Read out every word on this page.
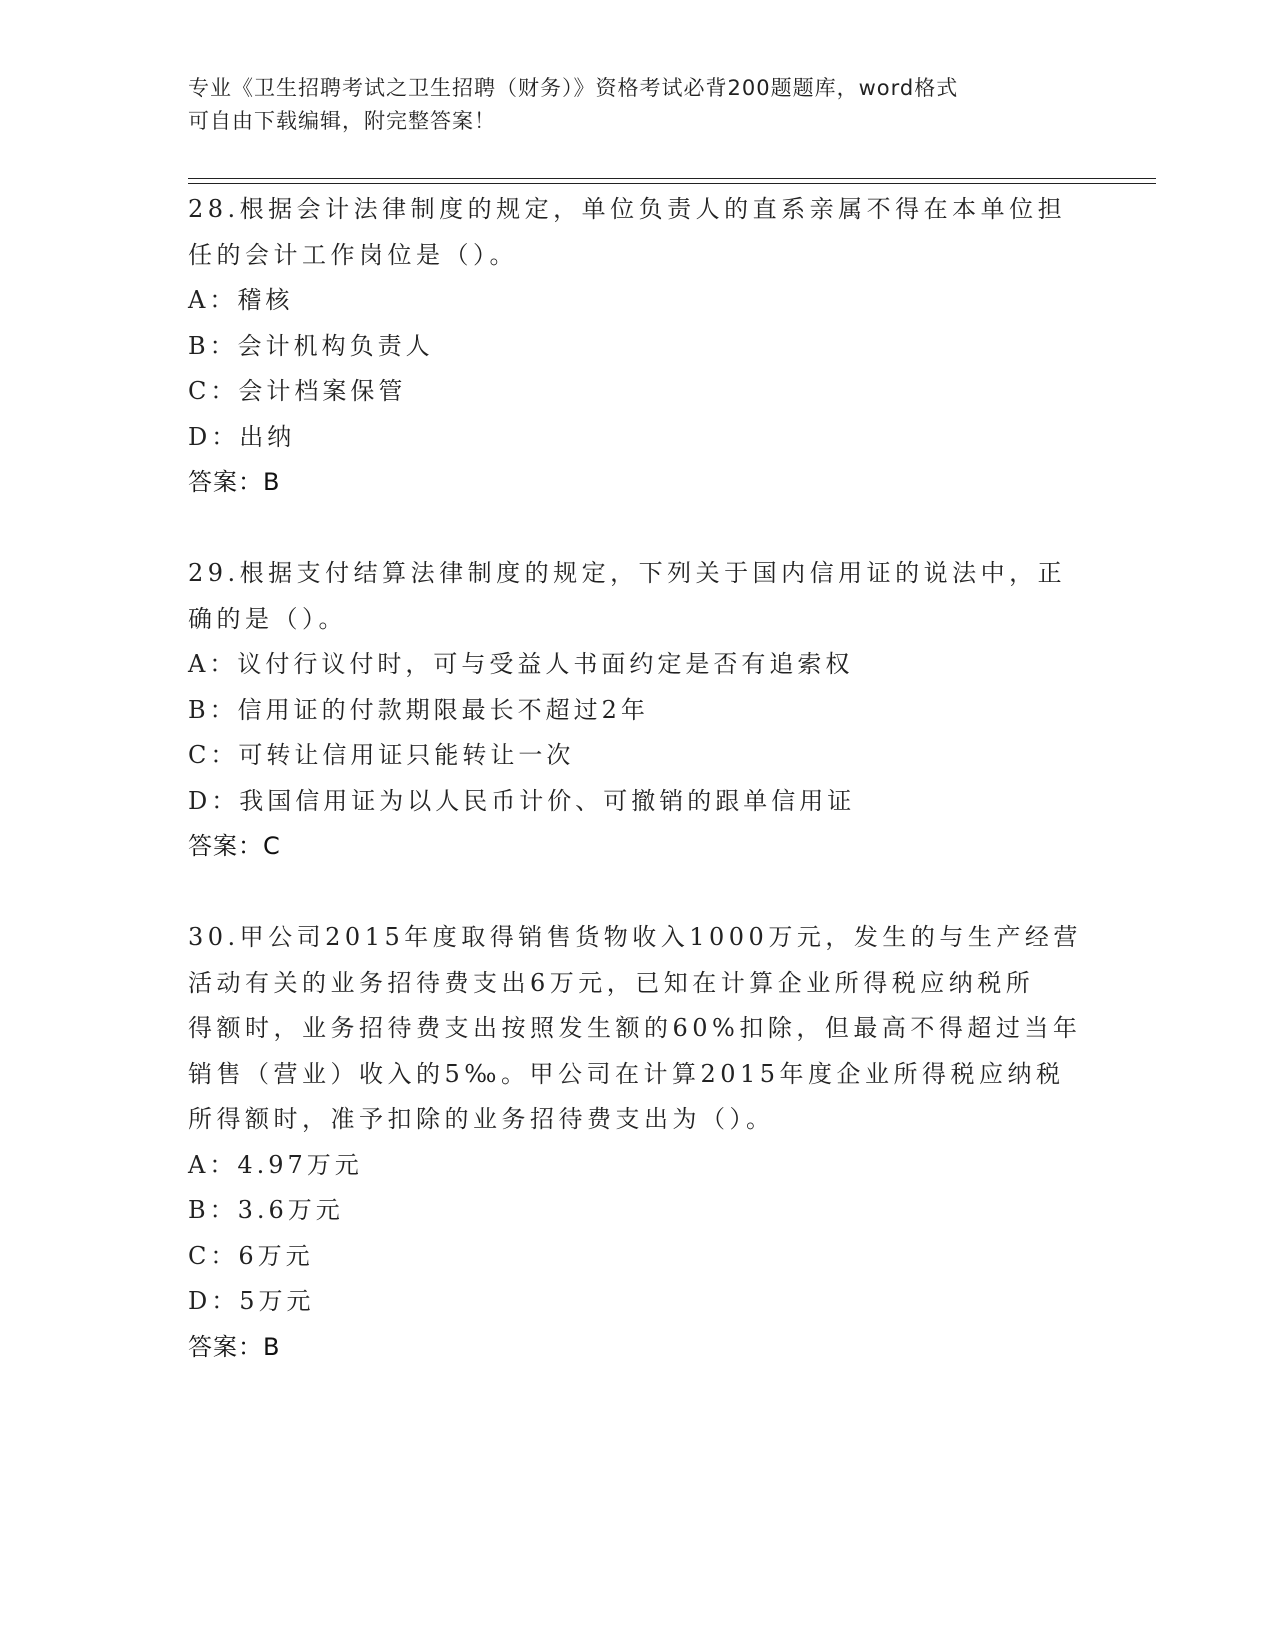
专业《卫生招聘考试之卫生招聘（财务）》资格考试必背200题题库，word格式
可自由下载编辑，附完整答案！

28.根据会计法律制度的规定，单位负责人的直系亲属不得在本单位担

任的会计工作岗位是（）。

A：稽核

B：会计机构负责人

C：会计档案保管

D：出纳

答案：B

29.根据支付结算法律制度的规定，下列关于国内信用证的说法中，正

确的是（）。

A：议付行议付时，可与受益人书面约定是否有追索权

B：信用证的付款期限最长不超过2年

C：可转让信用证只能转让一次

D：我国信用证为以人民币计价、可撤销的跟单信用证

答案：C

30.甲公司2015年度取得销售货物收入1000万元，发生的与生产经营

活动有关的业务招待费支出6万元，已知在计算企业所得税应纳税所

得额时，业务招待费支出按照发生额的60%扣除，但最高不得超过当年

销售（营业）收入的5‰。甲公司在计算2015年度企业所得税应纳税

所得额时，准予扣除的业务招待费支出为（）。

A：4.97万元

B：3.6万元

C：6万元

D：5万元

答案：B
